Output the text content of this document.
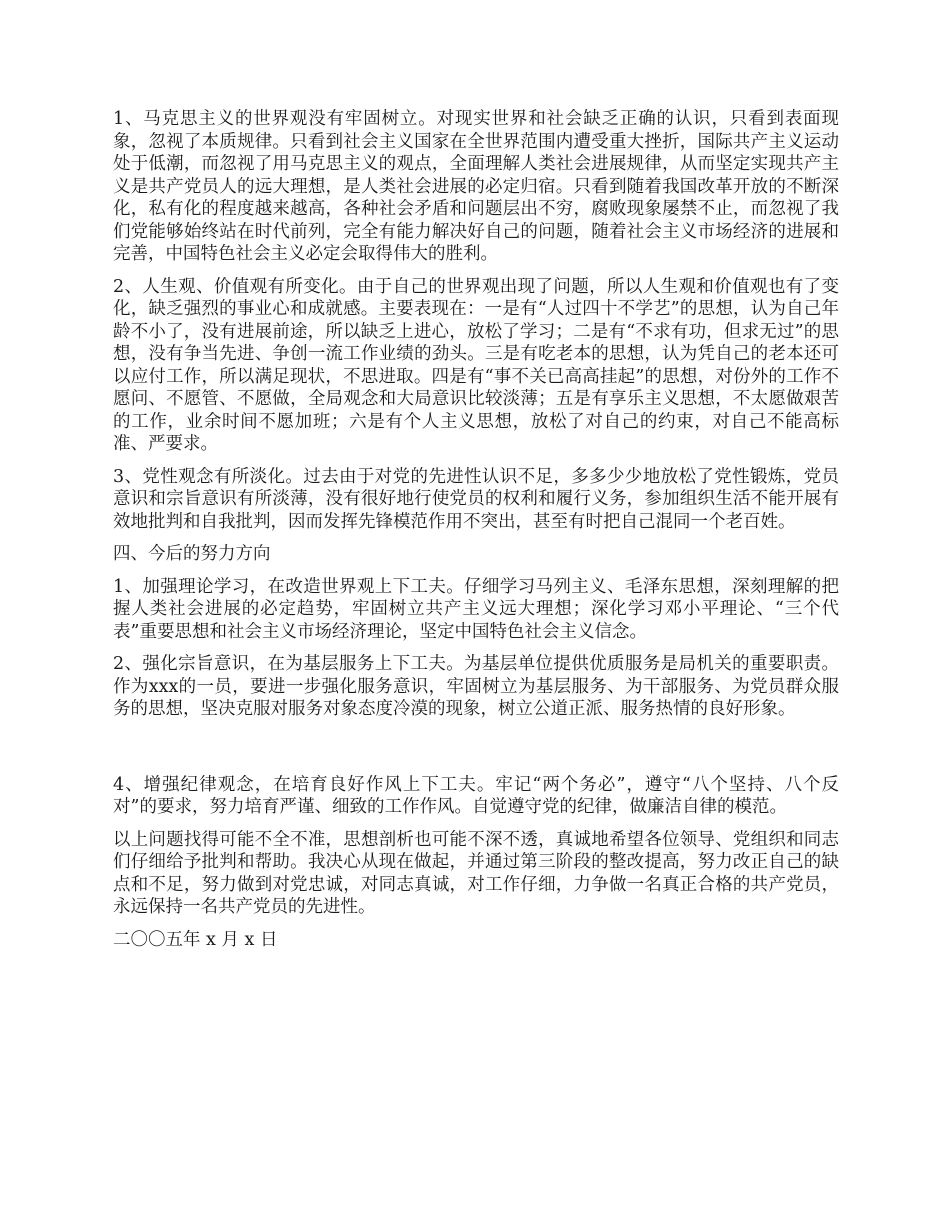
1、马克思主义的世界观没有牢固树立。对现实世界和社会缺乏正确的认识，只看到表面现象，忽视了本质规律。只看到社会主义国家在全世界范围内遭受重大挫折，国际共产主义运动处于低潮，而忽视了用马克思主义的观点，全面理解人类社会进展规律，从而坚定实现共产主义是共产党员人的远大理想，是人类社会进展的必定归宿。只看到随着我国改革开放的不断深化，私有化的程度越来越高，各种社会矛盾和问题层出不穷，腐败现象屡禁不止，而忽视了我们党能够始终站在时代前列，完全有能力解决好自己的问题，随着社会主义市场经济的进展和完善，中国特色社会主义必定会取得伟大的胜利。

2、人生观、价值观有所变化。由于自己的世界观出现了问题，所以人生观和价值观也有了变化，缺乏强烈的事业心和成就感。主要表现在：一是有“人过四十不学艺”的思想，认为自己年龄不小了，没有进展前途，所以缺乏上进心，放松了学习；二是有“不求有功，但求无过”的思想，没有争当先进、争创一流工作业绩的劲头。三是有吃老本的思想，认为凭自己的老本还可以应付工作，所以满足现状，不思进取。四是有“事不关已高高挂起”的思想，对份外的工作不愿问、不愿管、不愿做，全局观念和大局意识比较淡薄；五是有享乐主义思想，不太愿做艰苦的工作，业余时间不愿加班；六是有个人主义思想，放松了对自己的约束，对自己不能高标准、严要求。

3、党性观念有所淡化。过去由于对党的先进性认识不足，多多少少地放松了党性锻炼，党员意识和宗旨意识有所淡薄，没有很好地行使党员的权利和履行义务，参加组织生活不能开展有效地批判和自我批判，因而发挥先锋模范作用不突出，甚至有时把自己混同一个老百姓。

四、今后的努力方向

1、加强理论学习，在改造世界观上下工夫。仔细学习马列主义、毛泽东思想，深刻理解的把握人类社会进展的必定趋势，牢固树立共产主义远大理想；深化学习邓小平理论、“三个代表”重要思想和社会主义市场经济理论，坚定中国特色社会主义信念。

2、强化宗旨意识，在为基层服务上下工夫。为基层单位提供优质服务是局机关的重要职责。作为xxx的一员，要进一步强化服务意识，牢固树立为基层服务、为干部服务、为党员群众服务的思想，坚决克服对服务对象态度冷漠的现象，树立公道正派、服务热情的良好形象。

4、增强纪律观念，在培育良好作风上下工夫。牢记“两个务必”，遵守“八个坚持、八个反对”的要求，努力培育严谨、细致的工作作风。自觉遵守党的纪律，做廉洁自律的模范。

以上问题找得可能不全不准，思想剖析也可能不深不透，真诚地希望各位领导、党组织和同志们仔细给予批判和帮助。我决心从现在做起，并通过第三阶段的整改提高，努力改正自己的缺点和不足，努力做到对党忠诚，对同志真诚，对工作仔细，力争做一名真正合格的共产党员，永远保持一名共产党员的先进性。

二〇〇五年 x 月 x 日
